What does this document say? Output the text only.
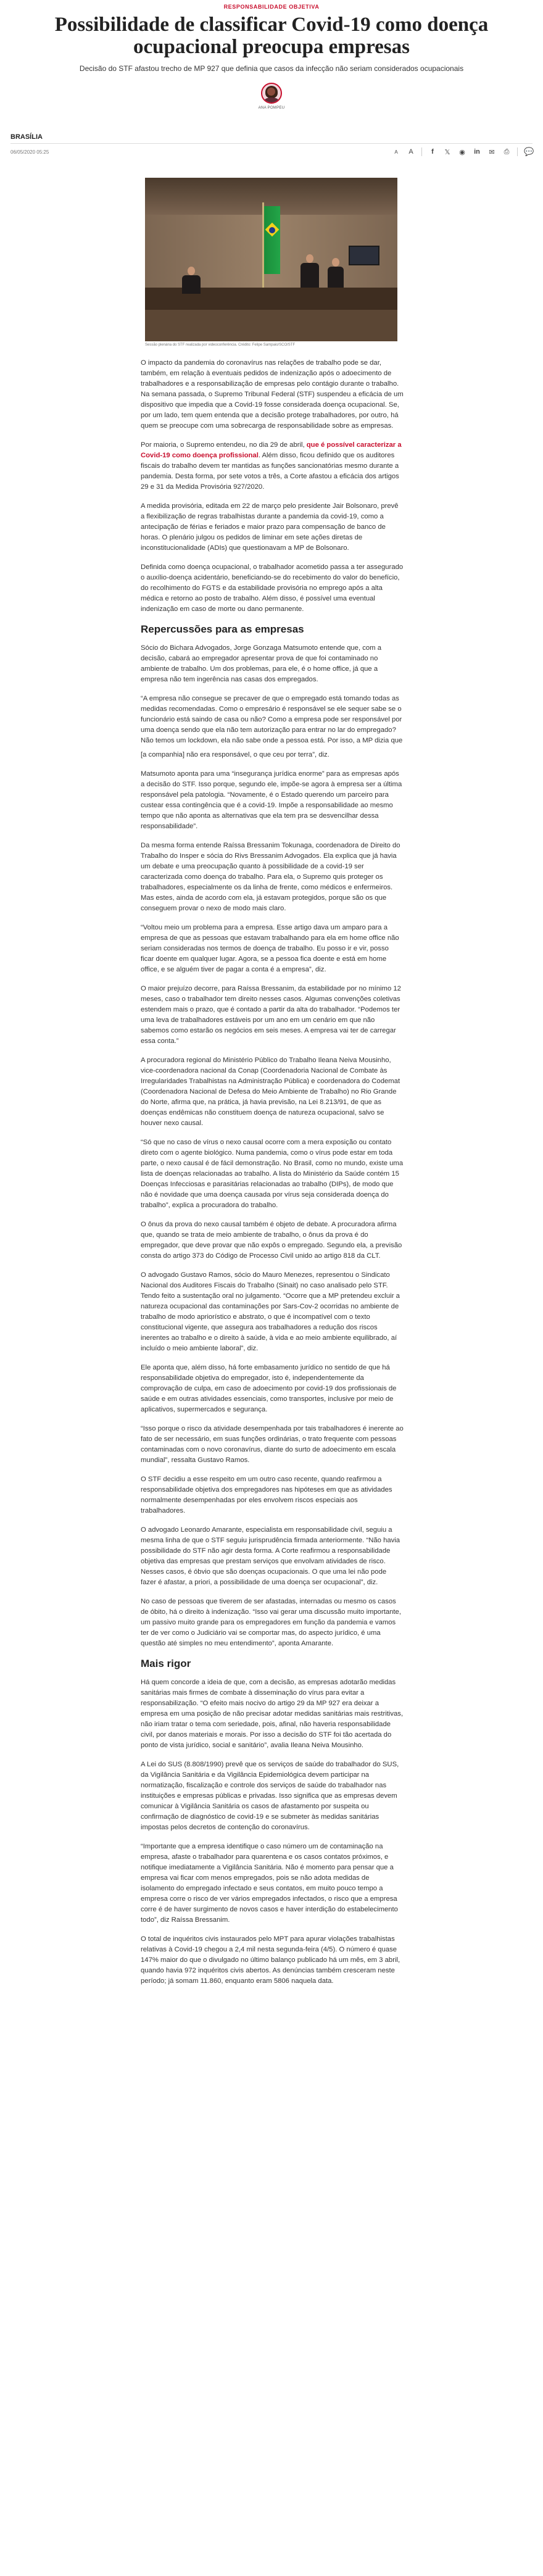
RESPONSABILIDADE OBJETIVA
Possibilidade de classificar Covid-19 como doença ocupacional preocupa empresas

Decisão do STF afastou trecho de MP 927 que definia que casos da infecção não seriam considerados ocupacionais

ANA POMPEU
BRASÍLIA
06/05/2020 05:25	A	A	f	𝕏 ◉ in ✉ ⎙ 💬
Sessão plenária do STF realizada por videoconferência. Crédito: Felipe Sampaio/SCO/STF

O impacto da pandemia do coronavírus nas relações de trabalho pode se dar, também, em relação à eventuais pedidos de indenização após o adoecimento de trabalhadores e a responsabilização de empresas pelo contágio durante o trabalho. Na semana passada, o Supremo Tribunal Federal (STF) suspendeu a eficácia de um dispositivo que impedia que a Covid-19 fosse considerada doença ocupacional. Se, por um lado, tem quem entenda que a decisão protege trabalhadores, por outro, há quem se preocupe com uma sobrecarga de responsabilidade sobre as empresas.

Por maioria, o Supremo entendeu, no dia 29 de abril, que é possível caracterizar a Covid-19 como doença profissional. Além disso, ficou definido que os auditores fiscais do trabalho devem ter mantidas as funções sancionatórias mesmo durante a pandemia. Desta forma, por sete votos a três, a Corte afastou a eficácia dos artigos 29 e 31 da Medida Provisória 927/2020.

A medida provisória, editada em 22 de março pelo presidente Jair Bolsonaro, prevê a flexibilização de regras trabalhistas durante a pandemia da covid-19, como a antecipação de férias e feriados e maior prazo para compensação de banco de horas. O plenário julgou os pedidos de liminar em sete ações diretas de inconstitucionalidade (ADIs) que questionavam a MP de Bolsonaro.

Definida como doença ocupacional, o trabalhador acometido passa a ter assegurado o auxílio-doença acidentário, beneficiando-se do recebimento do valor do benefício, do recolhimento do FGTS e da estabilidade provisória no emprego após a alta médica e retorno ao posto de trabalho. Além disso, é possível uma eventual indenização em caso de morte ou dano permanente.

Repercussões para as empresas

Sócio do Bichara Advogados, Jorge Gonzaga Matsumoto entende que, com a decisão, cabará ao empregador apresentar prova de que foi contaminado no ambiente de trabalho. Um dos problemas, para ele, é o home office, já que a empresa não tem ingerência nas casas dos empregados.

“A empresa não consegue se precaver de que o empregado está tomando todas as medidas recomendadas. Como o empresário é responsável se ele sequer sabe se o funcionário está saindo de casa ou não? Como a empresa pode ser responsável por uma doença sendo que ela não tem autorização para entrar no lar do empregado? Não temos um lockdown, ela não sabe onde a pessoa está. Por isso, a MP dizia que

[a companhia] não era responsável, o que ceu por terra”, diz.

Matsumoto aponta para uma “insegurança jurídica enorme” para as empresas após a decisão do STF. Isso porque, segundo ele, impõe-se agora à empresa ser a última responsável pela patologia. “Novamente, é o Estado querendo um parceiro para custear essa contingência que é a covid-19. Impõe a responsabilidade ao mesmo tempo que não aponta as alternativas que ela tem pra se desvencilhar dessa responsabilidade”.

Da mesma forma entende Raíssa Bressanim Tokunaga, coordenadora de Direito do Trabalho do Insper e sócia do Rivs Bressanim Advogados. Ela explica que já havia um debate e uma preocupação quanto à possibilidade de a covid-19 ser caracterizada como doença do trabalho. Para ela, o Supremo quis proteger os trabalhadores, especialmente os da linha de frente, como médicos e enfermeiros. Mas estes, ainda de acordo com ela, já estavam protegidos, porque são os que conseguem provar o nexo de modo mais claro.

“Voltou meio um problema para a empresa. Esse artigo dava um amparo para a empresa de que as pessoas que estavam trabalhando para ela em home office não seriam consideradas nos termos de doença de trabalho. Eu posso ir e vir, posso ficar doente em qualquer lugar. Agora, se a pessoa fica doente e está em home office, e se alguém tiver de pagar a conta é a empresa”, diz.

O maior prejuízo decorre, para Raíssa Bressanim, da estabilidade por no mínimo 12 meses, caso o trabalhador tem direito nesses casos. Algumas convenções coletivas estendem mais o prazo, que é contado a partir da alta do trabalhador. “Podemos ter uma leva de trabalhadores estáveis por um ano em um cenário em que não sabemos como estarão os negócios em seis meses. A empresa vai ter de carregar essa conta.”

A procuradora regional do Ministério Público do Trabalho Ileana Neiva Mousinho, vice-coordenadora nacional da Conap (Coordenadoria Nacional de Combate às Irregularidades Trabalhistas na Administração Pública) e coordenadora do Codemat (Coordenadora Nacional de Defesa do Meio Ambiente de Trabalho) no Rio Grande do Norte, afirma que, na prática, já havia previsão, na Lei 8.213/91, de que as doenças endêmicas não constituem doença de natureza ocupacional, salvo se houver nexo causal.

“Só que no caso de vírus o nexo causal ocorre com a mera exposição ou contato direto com o agente biológico. Numa pandemia, como o vírus pode estar em toda parte, o nexo causal é de fácil demonstração. No Brasil, como no mundo, existe uma lista de doenças relacionadas ao trabalho. A lista do Ministério da Saúde contém 15 Doenças Infecciosas e parasitárias relacionadas ao trabalho (DIPs), de modo que não é novidade que uma doença causada por vírus seja considerada doença do trabalho”, explica a procuradora do trabalho.

O ônus da prova do nexo causal também é objeto de debate. A procuradora afirma que, quando se trata de meio ambiente de trabalho, o ônus da prova é do empregador, que deve provar que não expôs o empregado. Segundo ela, a previsão consta do artigo 373 do Código de Processo Civil unido ao artigo 818 da CLT.

O advogado Gustavo Ramos, sócio do Mauro Menezes, representou o Sindicato Nacional dos Auditores Fiscais do Trabalho (Sinait) no caso analisado pelo STF. Tendo feito a sustentação oral no julgamento. “Ocorre que a MP pretendeu excluir a natureza ocupacional das contaminações por Sars-Cov-2 ocorridas no ambiente de trabalho de modo apriorístico e abstrato, o que é incompatível com o texto constitucional vigente, que assegura aos trabalhadores a redução dos riscos inerentes ao trabalho e o direito à saúde, à vida e ao meio ambiente equilibrado, aí incluído o meio ambiente laboral”, diz.

Ele aponta que, além disso, há forte embasamento jurídico no sentido de que há responsabilidade objetiva do empregador, isto é, independentemente da comprovação de culpa, em caso de adoecimento por covid-19 dos profissionais de saúde e em outras atividades essenciais, como transportes, inclusive por meio de aplicativos, supermercados e segurança.

“Isso porque o risco da atividade desempenhada por tais trabalhadores é inerente ao fato de ser necessário, em suas funções ordinárias, o trato frequente com pessoas contaminadas com o novo coronavírus, diante do surto de adoecimento em escala mundial”, ressalta Gustavo Ramos.

O STF decidiu a esse respeito em um outro caso recente, quando reafirmou a responsabilidade objetiva dos empregadores nas hipóteses em que as atividades normalmente desempenhadas por eles envolvem riscos especiais aos trabalhadores.

O advogado Leonardo Amarante, especialista em responsabilidade civil, seguiu a mesma linha de que o STF seguiu jurisprudência firmada anteriormente. “Não havia possibilidade do STF não agir desta forma. A Corte reafirmou a responsabilidade objetiva das empresas que prestam serviços que envolvam atividades de risco. Nesses casos, é óbvio que são doenças ocupacionais. O que uma lei não pode fazer é afastar, a priori, a possibilidade de uma doença ser ocupacional”, diz.

No caso de pessoas que tiverem de ser afastadas, internadas ou mesmo os casos de óbito, há o direito à indenização. “Isso vai gerar uma discussão muito importante, um passivo muito grande para os empregadores em função da pandemia e vamos ter de ver como o Judiciário vai se comportar mas, do aspecto jurídico, é uma questão até simples no meu entendimento”, aponta Amarante.

Mais rigor

Há quem concorde a ideia de que, com a decisão, as empresas adotarão medidas sanitárias mais firmes de combate à disseminação do vírus para evitar a responsabilização. “O efeito mais nocivo do artigo 29 da MP 927 era deixar a empresa em uma posição de não precisar adotar medidas sanitárias mais restritivas, não iriam tratar o tema com seriedade, pois, afinal, não haveria responsabilidade civil, por danos materiais e morais. Por isso a decisão do STF foi tão acertada do ponto de vista jurídico, social e sanitário”, avalia Ileana Neiva Mousinho.

A Lei do SUS (8.808/1990) prevê que os serviços de saúde do trabalhador do SUS, da Vigilância Sanitária e da Vigilância Epidemiológica devem participar na normatização, fiscalização e controle dos serviços de saúde do trabalhador nas instituições e empresas públicas e privadas. Isso significa que as empresas devem comunicar à Vigilância Sanitária os casos de afastamento por suspeita ou confirmação de diagnóstico de covid-19 e se submeter às medidas sanitárias impostas pelos decretos de contenção do coronavírus.

“Importante que a empresa identifique o caso número um de contaminação na empresa, afaste o trabalhador para quarentena e os casos contatos próximos, e notifique imediatamente a Vigilância Sanitária. Não é momento para pensar que a empresa vai ficar com menos empregados, pois se não adota medidas de isolamento do empregado infectado e seus contatos, em muito pouco tempo a empresa corre o risco de ver vários empregados infectados, o risco que a empresa corre é de haver surgimento de novos casos e haver interdição do estabelecimento todo”, diz Raíssa Bressanim.

O total de inquéritos civis instaurados pelo MPT para apurar violações trabalhistas relativas à Covid-19 chegou a 2,4 mil nesta segunda-feira (4/5). O número é quase 147% maior do que o divulgado no último balanço publicado há um mês, em 3 abril, quando havia 972 inquéritos civis abertos. As denúncias também cresceram neste período; já somam 11.860, enquanto eram 5806 naquela data.
